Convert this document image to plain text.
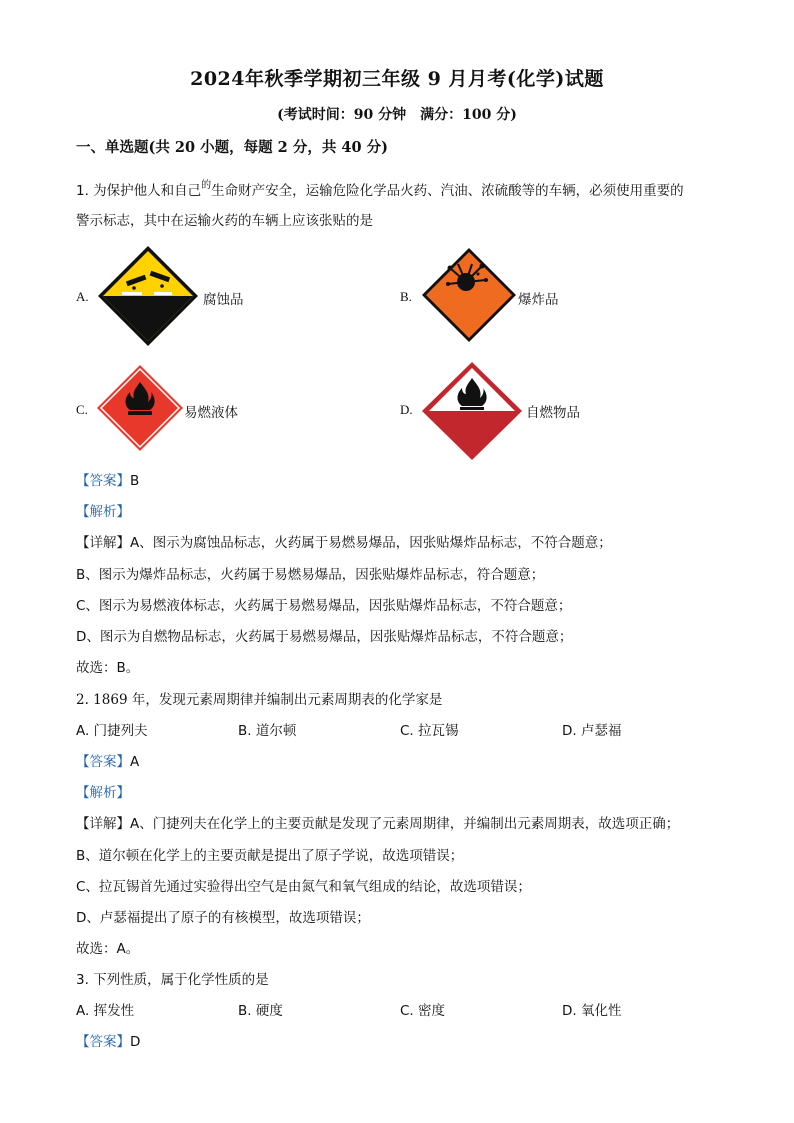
2024年秋季学期初三年级 9 月月考(化学)试题
(考试时间：90 分钟　满分：100 分)
一、单选题(共 20 小题，每题 2 分，共 40 分)
1. 为保护他人和自己$^的$生命财产安全，运输危险化学品火药、汽油、浓硫酸等的车辆，必须使用重要的
警示标志，其中在运输火药的车辆上应该张贴的是
A.	腐蚀品	B.	爆炸品
C.	易燃液体	D.	自燃物品
【答案】B
【解析】
【详解】A、图示为腐蚀品标志，火药属于易燃易爆品，因张贴爆炸品标志，不符合题意；
B、图示为爆炸品标志，火药属于易燃易爆品，因张贴爆炸品标志，符合题意；
C、图示为易燃液体标志，火药属于易燃易爆品，因张贴爆炸品标志，不符合题意；
D、图示为自燃物品标志，火药属于易燃易爆品，因张贴爆炸品标志，不符合题意；
故选：B。
2. 1869 年，发现元素周期律并编制出元素周期表的化学家是
A. 门捷列夫	B. 道尔顿	C. 拉瓦锡	D. 卢瑟福
【答案】A
【解析】
【详解】A、门捷列夫在化学上的主要贡献是发现了元素周期律，并编制出元素周期表，故选项正确；
B、道尔顿在化学上的主要贡献是提出了原子学说，故选项错误；
C、拉瓦锡首先通过实验得出空气是由氮气和氧气组成的结论，故选项错误；
D、卢瑟福提出了原子的有核模型，故选项错误；
故选：A。
3. 下列性质，属于化学性质的是
A. 挥发性	B. 硬度	C. 密度	D. 氧化性
【答案】D
